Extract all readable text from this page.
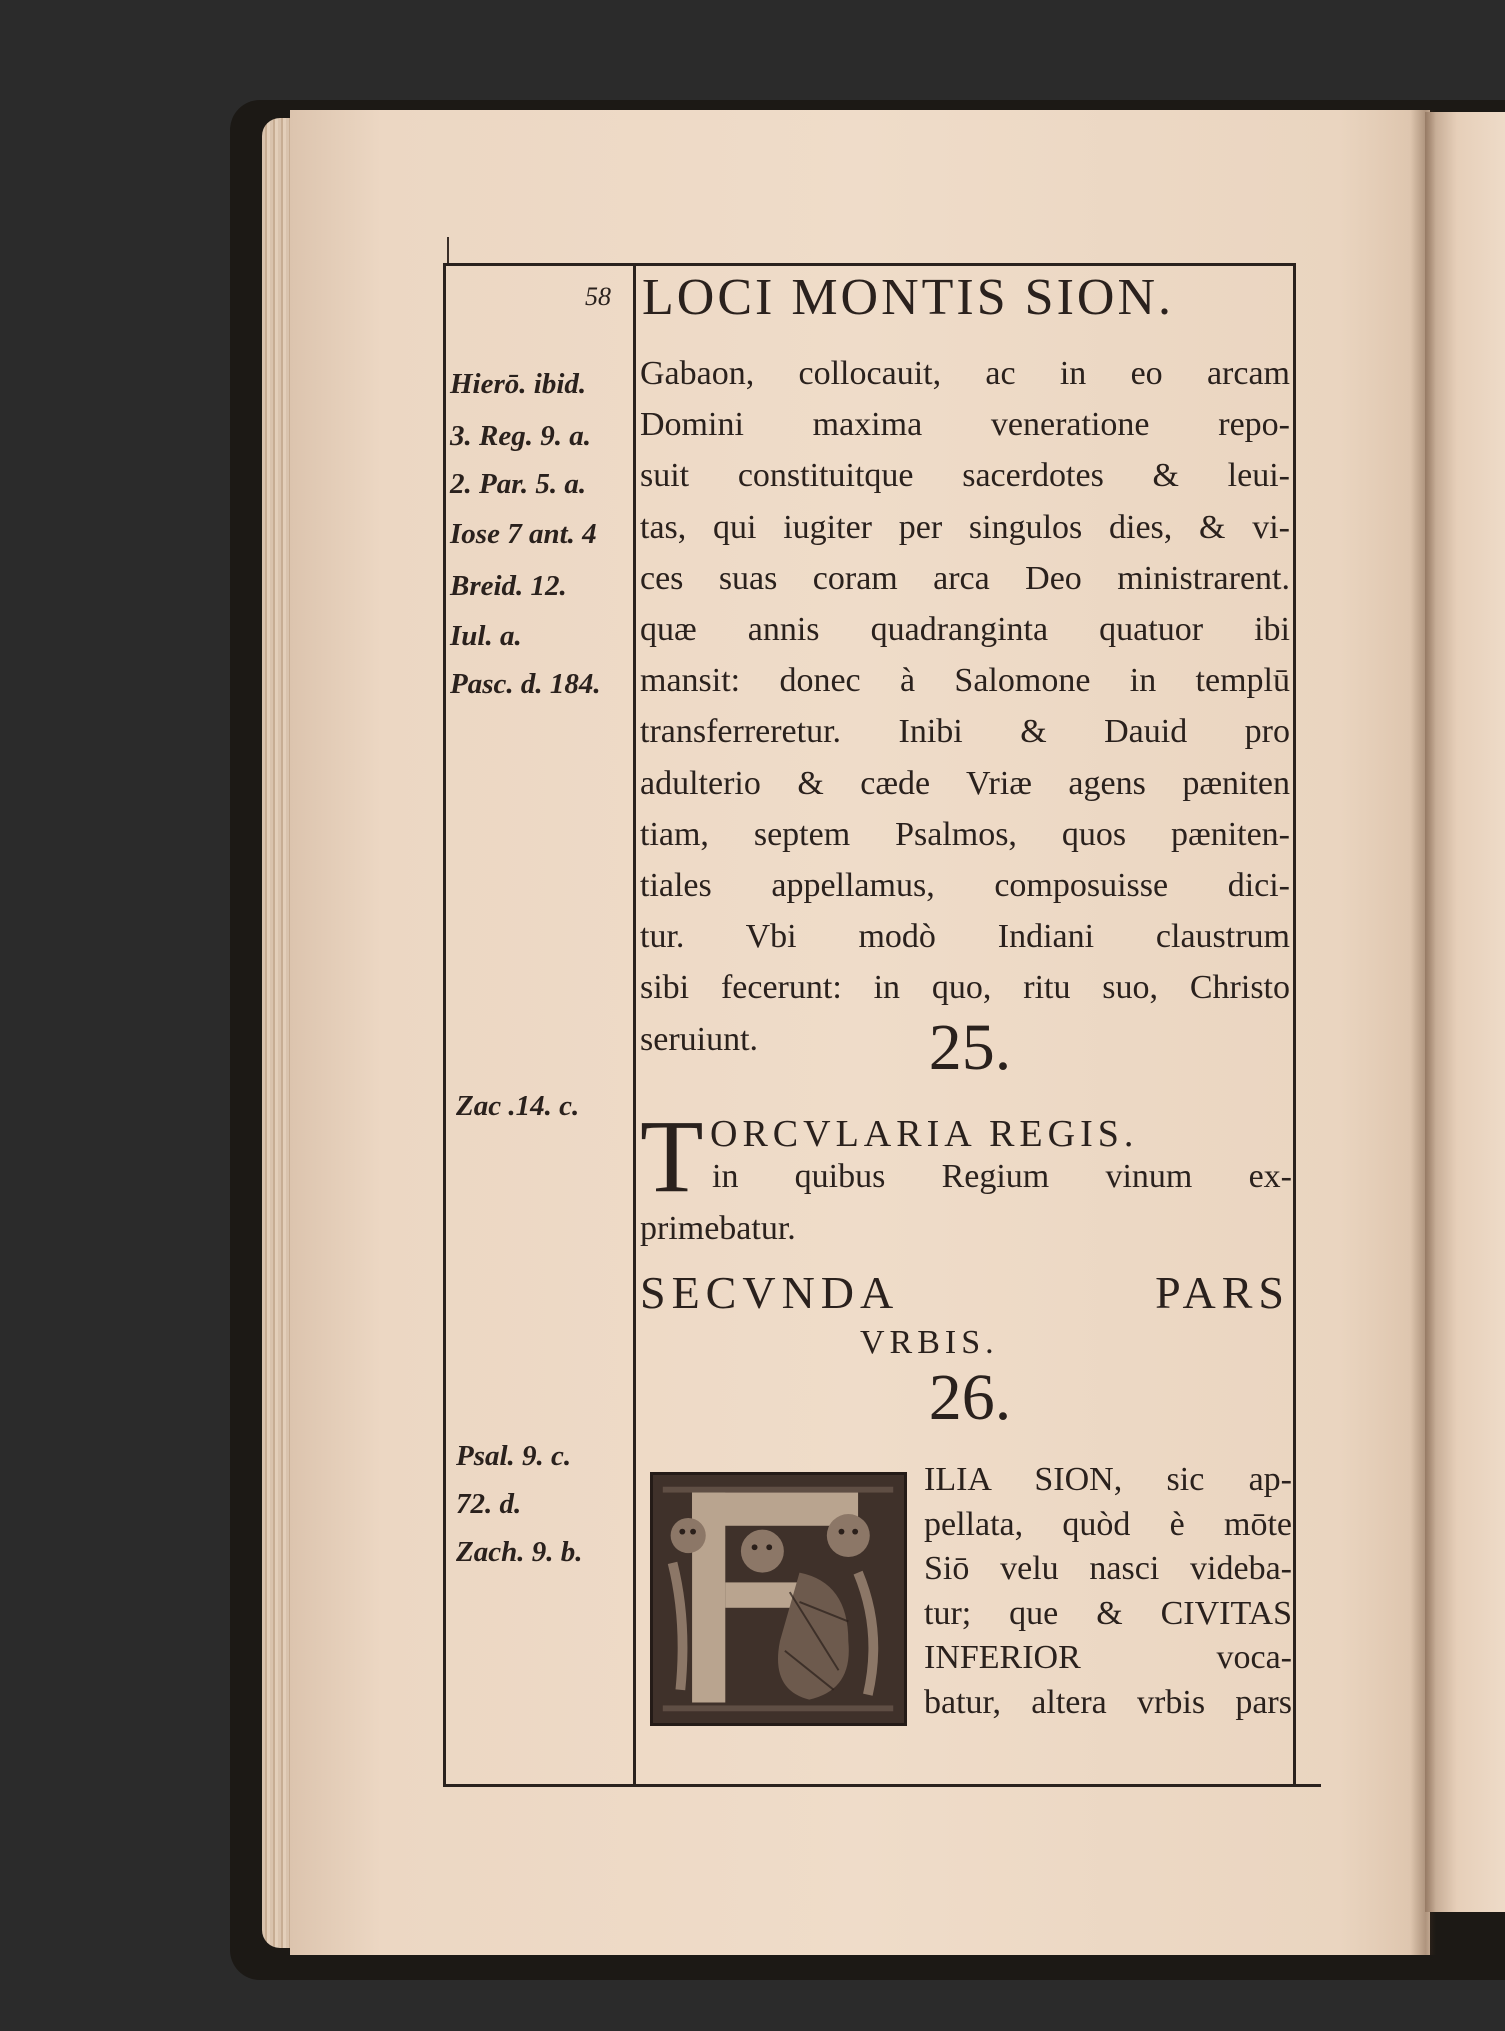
58 LOCI MONTIS SION.
Hierō. ibid.
3. Reg. 9. a.
2. Par. 5. a.
Iose 7 ant. 4
Breid. 12.
Iul. a.
Pasc. d. 184.
Zac .14. c.
Psal. 9. c.
72. d.
Zach. 9. b.
Gabaon, collocauit, ac in eo arcam
Domini maxima veneratione repo-
suit constituitque sacerdotes & leui-
tas, qui iugiter per singulos dies, & vi-
ces suas coram arca Deo ministrarent.
quæ annis quadranginta quatuor ibi
mansit: donec à Salomone in templū
transferreretur. Inibi & Dauid pro
adulterio & cæde Vriæ agens pæniten
tiam, septem Psalmos, quos pæniten-
tiales appellamus, composuisse dici-
tur. Vbi modò Indiani claustrum
sibi fecerunt: in quo, ritu suo, Christo
seruiunt.	25.
T ORCVLARIA REGIS.
in quibus Regium vinum ex-
primebatur.
SECVNDA PARS
VRBIS.
26.
ILIA SION, sic ap-
pellata, quòd è mōte
Siō velu nasci videba-
tur; que & CIVITAS
INFERIOR voca-
batur, altera vrbis pars
